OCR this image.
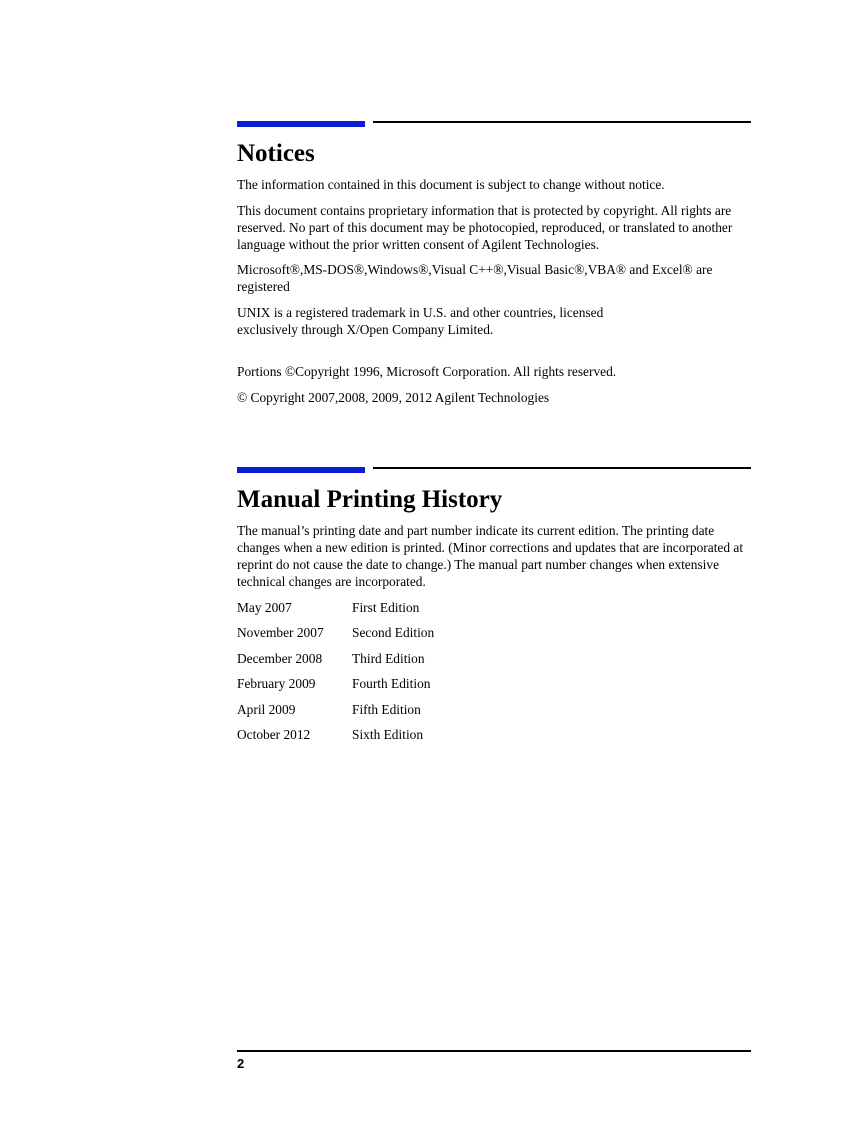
Notices

The information contained in this document is subject to change without notice.

This document contains proprietary information that is protected by copyright. All rights are reserved. No part of this document may be photocopied, reproduced, or translated to another language without the prior written consent of Agilent Technologies.

Microsoft®,MS-DOS®,Windows®,Visual C++®,Visual Basic®,VBA® and Excel® are registered

UNIX is a registered trademark in U.S. and other countries, licensed exclusively through X/Open Company Limited.

Portions ©Copyright 1996, Microsoft Corporation. All rights reserved.

© Copyright 2007,2008, 2009, 2012 Agilent Technologies

Manual Printing History

The manual’s printing date and part number indicate its current edition. The printing date changes when a new edition is printed. (Minor corrections and updates that are incorporated at reprint do not cause the date to change.) The manual part number changes when extensive technical changes are incorporated.

May 2007	First Edition
November 2007 Second Edition
December 2008 Third Edition
February 2009	Fourth Edition
April 2009	Fifth Edition
October 2012	Sixth Edition
2
